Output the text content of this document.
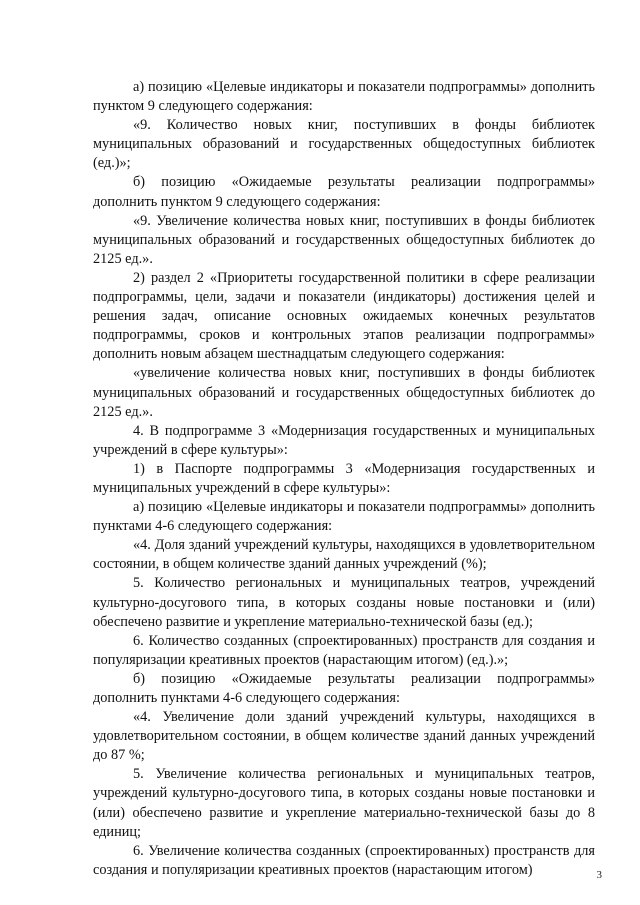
а) позицию «Целевые индикаторы и показатели подпрограммы» дополнить пунктом 9 следующего содержания:

«9. Количество новых книг, поступивших в фонды библиотек муниципальных образований и государственных общедоступных библиотек (ед.)»;

б) позицию «Ожидаемые результаты реализации подпрограммы» дополнить пунктом 9 следующего содержания:

«9. Увеличение количества новых книг, поступивших в фонды библиотек муниципальных образований и государственных общедоступных библиотек до 2125 ед.».

2) раздел 2 «Приоритеты государственной политики в сфере реализации подпрограммы, цели, задачи и показатели (индикаторы) достижения целей и решения задач, описание основных ожидаемых конечных результатов подпрограммы, сроков и контрольных этапов реализации подпрограммы» дополнить новым абзацем шестнадцатым следующего содержания:

«увеличение количества новых книг, поступивших в фонды библиотек муниципальных образований и государственных общедоступных библиотек до 2125 ед.».

4. В подпрограмме 3 «Модернизация государственных и муниципальных учреждений в сфере культуры»:

1) в Паспорте подпрограммы 3 «Модернизация государственных и муниципальных учреждений в сфере культуры»:

а) позицию «Целевые индикаторы и показатели подпрограммы» дополнить пунктами 4-6 следующего содержания:

«4. Доля зданий учреждений культуры, находящихся в удовлетворительном состоянии, в общем количестве зданий данных учреждений (%);

5. Количество региональных и муниципальных театров, учреждений культурно-досугового типа, в которых созданы новые постановки и (или) обеспечено развитие и укрепление материально-технической базы (ед.);

6. Количество созданных (спроектированных) пространств для создания и популяризации креативных проектов (нарастающим итогом) (ед.).»;

б) позицию «Ожидаемые результаты реализации подпрограммы» дополнить пунктами 4-6 следующего содержания:

«4. Увеличение доли зданий учреждений культуры, находящихся в удовлетворительном состоянии, в общем количестве зданий данных учреждений до 87 %;

5. Увеличение количества региональных и муниципальных театров, учреждений культурно-досугового типа, в которых созданы новые постановки и (или) обеспечено развитие и укрепление материально-технической базы до 8 единиц;

6. Увеличение количества созданных (спроектированных) пространств для создания и популяризации креативных проектов (нарастающим итогом)	3
